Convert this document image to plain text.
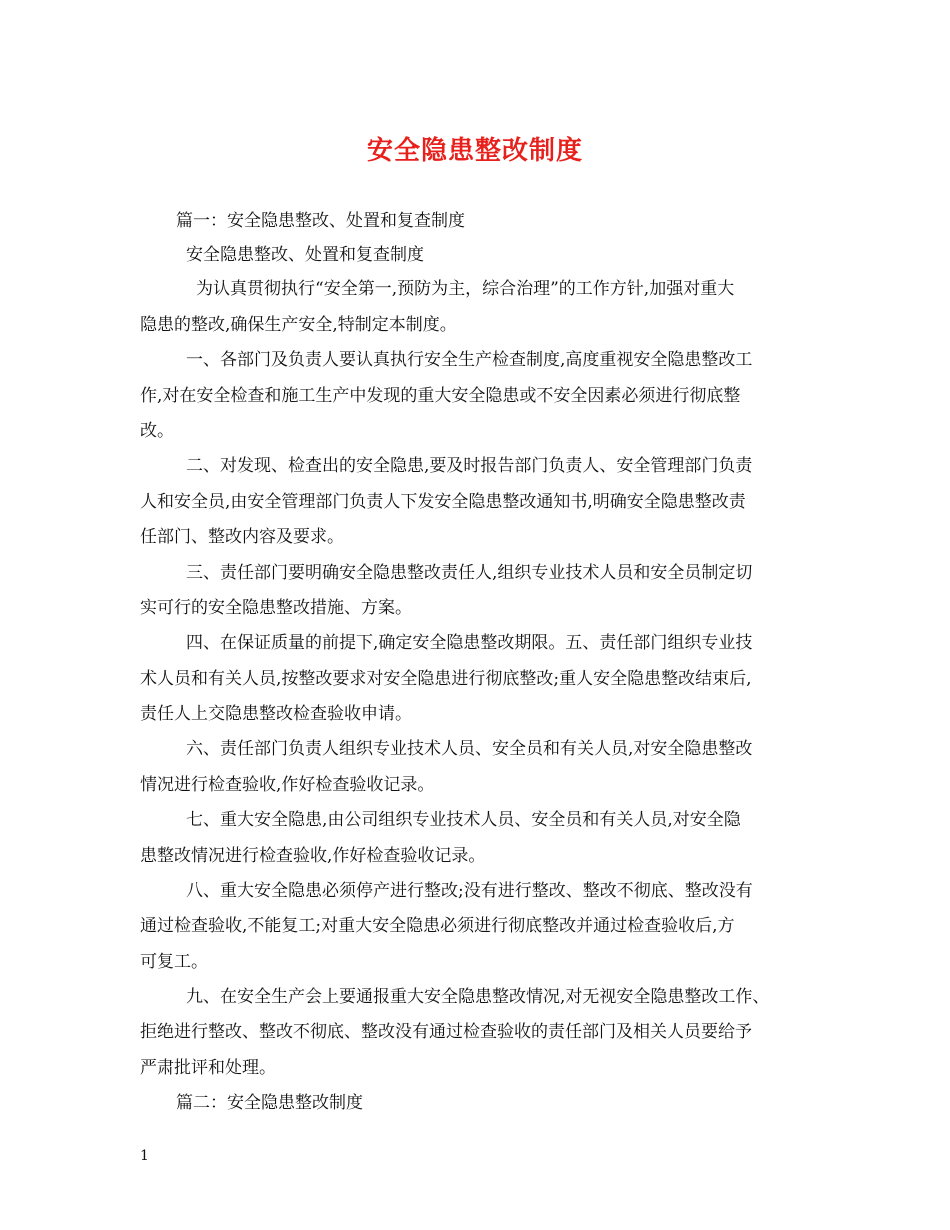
安全隐患整改制度
篇一：安全隐患整改、处置和复查制度
安全隐患整改、处置和复查制度
为认真贯彻执行“安全第一,预防为主，综合治理”的工作方针,加强对重大
隐患的整改,确保生产安全,特制定本制度。
一、各部门及负责人要认真执行安全生产检查制度,高度重视安全隐患整改工
作,对在安全检查和施工生产中发现的重大安全隐患或不安全因素必须进行彻底整
改。
二、对发现、检查出的安全隐患,要及时报告部门负责人、安全管理部门负责
人和安全员,由安全管理部门负责人下发安全隐患整改通知书,明确安全隐患整改责
任部门、整改内容及要求。
三、责任部门要明确安全隐患整改责任人,组织专业技术人员和安全员制定切
实可行的安全隐患整改措施、方案。
四、在保证质量的前提下,确定安全隐患整改期限。五、责任部门组织专业技
术人员和有关人员,按整改要求对安全隐患进行彻底整改;重人安全隐患整改结束后,
责任人上交隐患整改检查验收申请。
六、责任部门负责人组织专业技术人员、安全员和有关人员,对安全隐患整改
情况进行检查验收,作好检查验收记录。
七、重大安全隐患,由公司组织专业技术人员、安全员和有关人员,对安全隐
患整改情况进行检查验收,作好检查验收记录。
八、重大安全隐患必须停产进行整改;没有进行整改、整改不彻底、整改没有
通过检查验收,不能复工;对重大安全隐患必须进行彻底整改并通过检查验收后,方
可复工。
九、在安全生产会上要通报重大安全隐患整改情况,对无视安全隐患整改工作、
拒绝进行整改、整改不彻底、整改没有通过检查验收的责任部门及相关人员要给予
严肃批评和处理。
篇二：安全隐患整改制度
1
